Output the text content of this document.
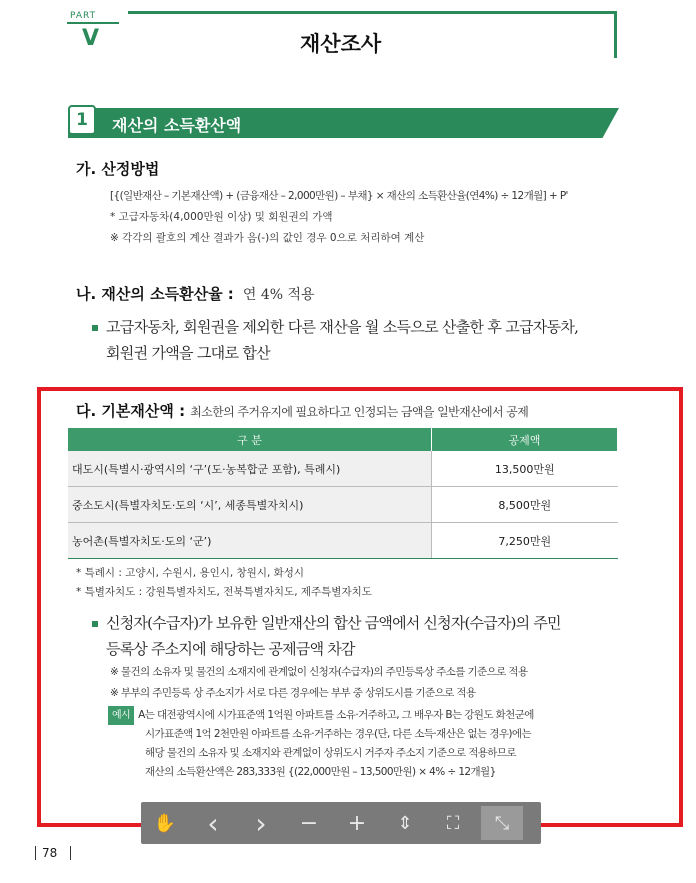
PART
V	재산조사
1	재산의 소득환산액
가. 산정방법
[{(일반재산 – 기본재산액) + (금융재산 – 2,000만원) – 부채} × 재산의 소득환산율(연4%) ÷ 12개월] + P'
* 고급자동차(4,000만원 이상) 및 회원권의 가액
※ 각각의 괄호의 계산 결과가 음(-)의 값인 경우 0으로 처리하여 계산
나. 재산의 소득환산율 : 연 4% 적용
고급자동차, 회원권을 제외한 다른 재산을 월 소득으로 산출한 후 고급자동차,
회원권 가액을 그대로 합산
다. 기본재산액 : 최소한의 주거유지에 필요하다고 인정되는 금액을 일반재산에서 공제
구 분	공제액
대도시(특별시·광역시의 ‘구’(도·농복합군 포함), 특례시)	13,500만원
중소도시(특별자치도·도의 ‘시’, 세종특별자치시)	8,500만원
농어촌(특별자치도·도의 ‘군’)	7,250만원
* 특례시 : 고양시, 수원시, 용인시, 창원시, 화성시
* 특별자치도 : 강원특별자치도, 전북특별자치도, 제주특별자치도
신청자(수급자)가 보유한 일반재산의 합산 금액에서 신청자(수급자)의 주민
등록상 주소지에 해당하는 공제금액 차감
※ 물건의 소유자 및 물건의 소재지에 관계없이 신청자(수급자)의 주민등록상 주소를 기준으로 적용
※ 부부의 주민등록 상 주소지가 서로 다른 경우에는 부부 중 상위도시를 기준으로 적용
예시 A는 대전광역시에 시가표준액 1억원 아파트를 소유·거주하고, 그 배우자 B는 강원도 화천군에
시가표준액 1억 2천만원 아파트를 소유·거주하는 경우(단, 다른 소득·재산은 없는 경우)에는
해당 물건의 소유자 및 소재지와 관계없이 상위도시 거주자 주소지 기준으로 적용하므로
재산의 소득환산액은 283,333원 {(22,000만원 – 13,500만원) × 4% ÷ 12개월}
✋	‹	›	−	+	⇕	⛶	⤡
78
